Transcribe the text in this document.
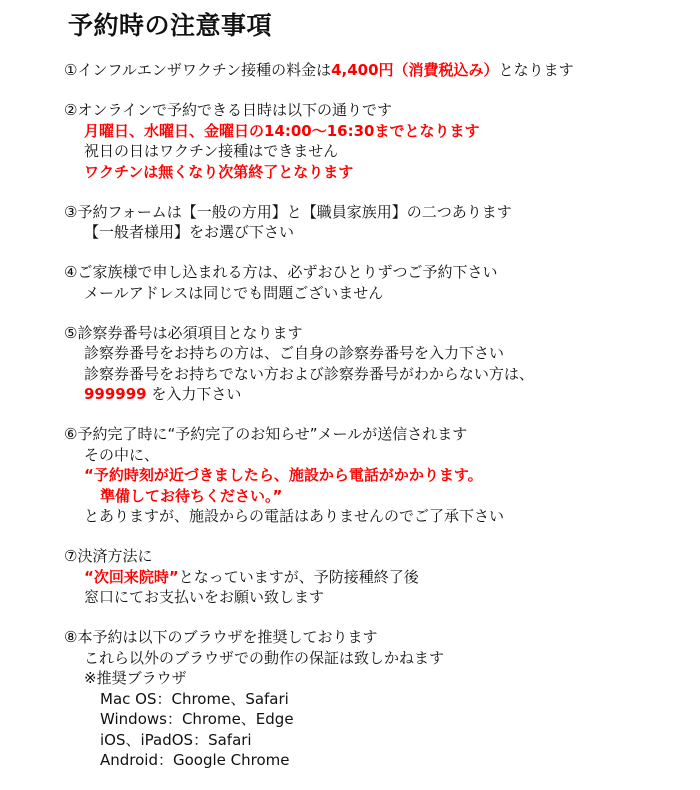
予約時の注意事項
①インフルエンザワクチン接種の料金は4,400円（消費税込み）となります
②オンラインで予約できる日時は以下の通りです
月曜日、水曜日、金曜日の14:00～16:30までとなります
祝日の日はワクチン接種はできません
ワクチンは無くなり次第終了となります
③予約フォームは【一般の方用】と【職員家族用】の二つあります
【一般者様用】をお選び下さい
④ご家族様で申し込まれる方は、必ずおひとりずつご予約下さい
メールアドレスは同じでも問題ございません
⑤診察券番号は必須項目となります
診察券番号をお持ちの方は、ご自身の診察券番号を入力下さい
診察券番号をお持ちでない方および診察券番号がわからない方は、
999999 を入力下さい
⑥予約完了時に“予約完了のお知らせ”メールが送信されます
その中に、
“予約時刻が近づきましたら、施設から電話がかかります。
準備してお待ちください。”
とありますが、施設からの電話はありませんのでご了承下さい
⑦決済方法に
“次回来院時”となっていますが、予防接種終了後
窓口にてお支払いをお願い致します
⑧本予約は以下のブラウザを推奨しております
これら以外のブラウザでの動作の保証は致しかねます
※推奨ブラウザ
Mac OS：Chrome、Safari
Windows：Chrome、Edge
iOS、iPadOS：Safari
Android：Google Chrome
